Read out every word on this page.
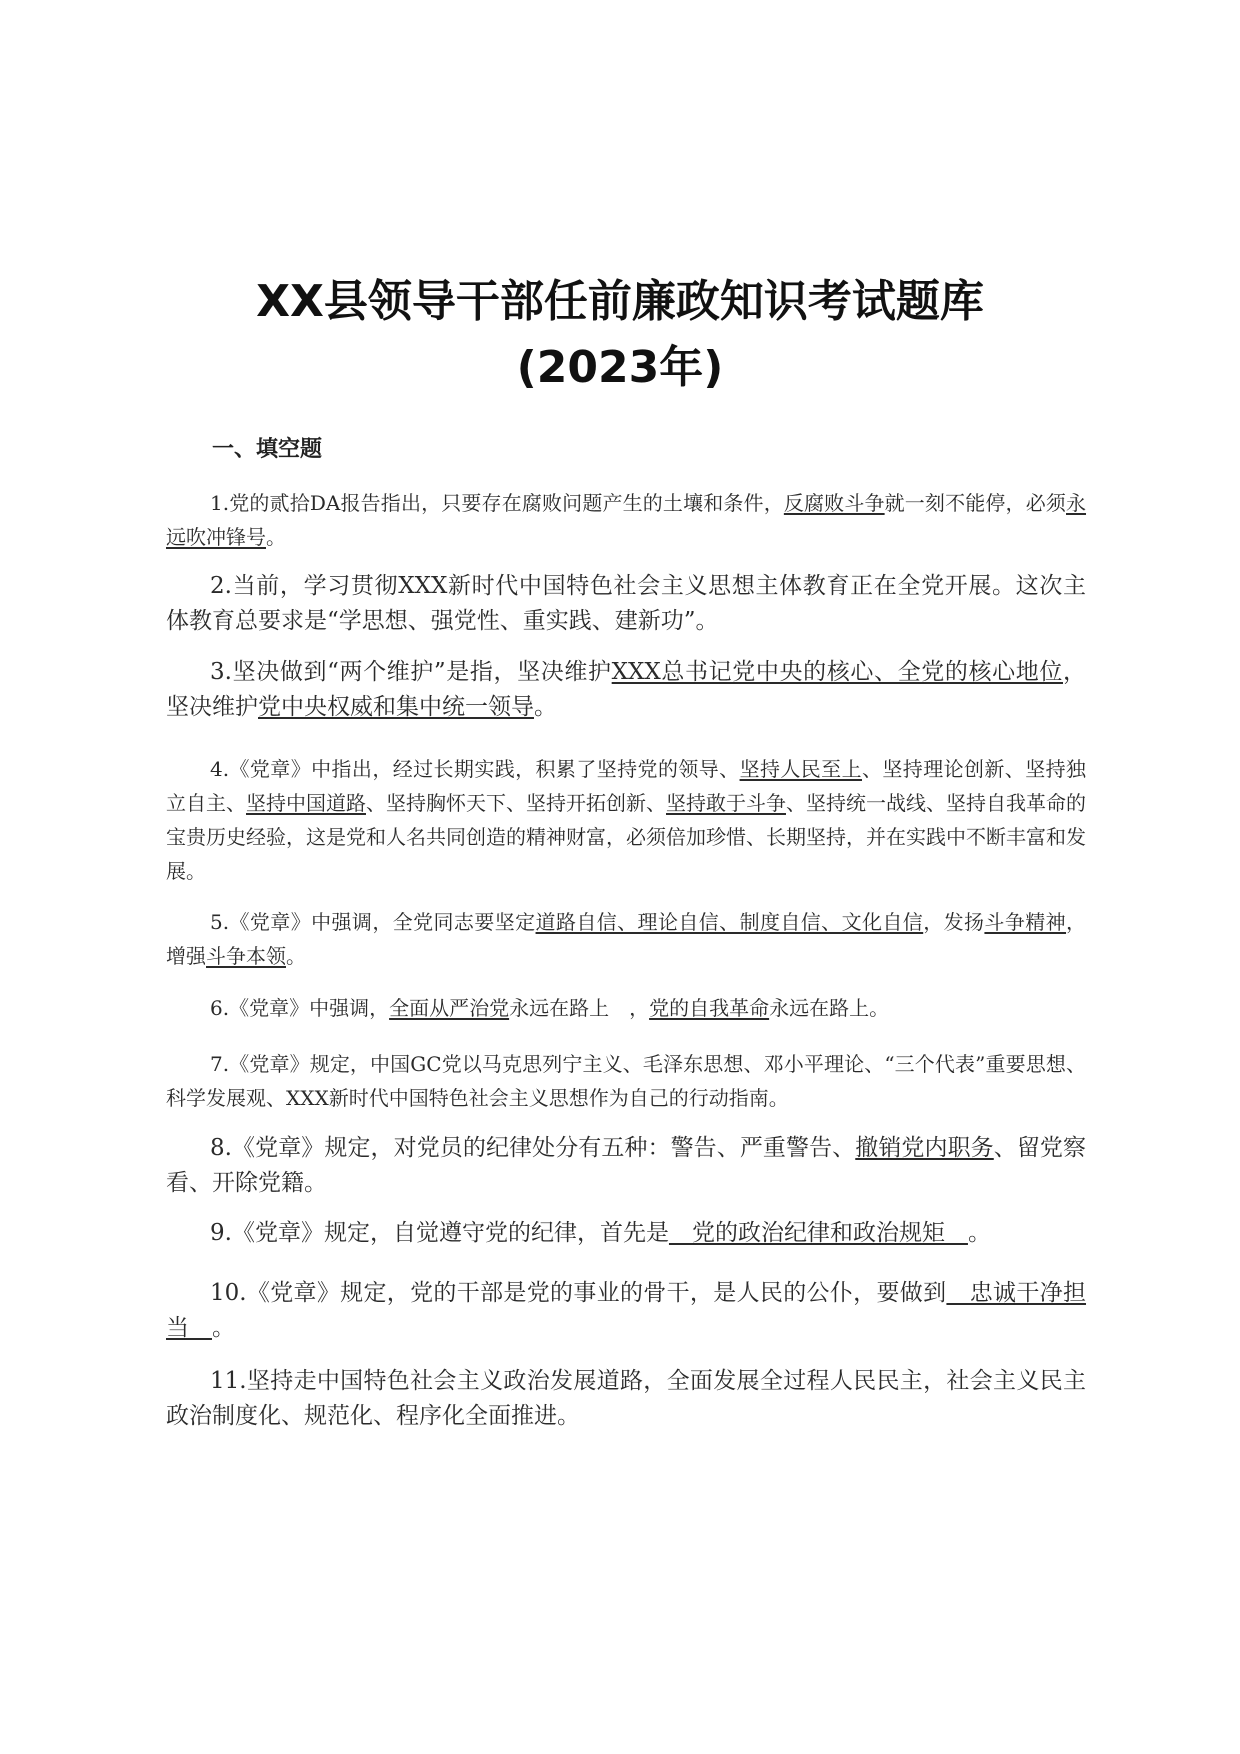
XX县领导干部任前廉政知识考试题库
(2023年)
一、填空题

1.党的贰拾DA报告指出，只要存在腐败问题产生的土壤和条件，反腐败斗争就一刻不能停，必须永远吹冲锋号。

2.当前，学习贯彻XXX新时代中国特色社会主义思想主体教育正在全党开展。这次主体教育总要求是“学思想、强党性、重实践、建新功”。

3.坚决做到“两个维护”是指，坚决维护XXX总书记党中央的核心、全党的核心地位，坚决维护党中央权威和集中统一领导。

4.《党章》中指出，经过长期实践，积累了坚持党的领导、坚持人民至上、坚持理论创新、坚持独立自主、坚持中国道路、坚持胸怀天下、坚持开拓创新、坚持敢于斗争、坚持统一战线、坚持自我革命的宝贵历史经验，这是党和人名共同创造的精神财富，必须倍加珍惜、长期坚持，并在实践中不断丰富和发展。

5.《党章》中强调，全党同志要坚定道路自信、理论自信、制度自信、文化自信，发扬斗争精神，增强斗争本领。

6.《党章》中强调，全面从严治党永远在路上　，党的自我革命永远在路上。

7.《党章》规定，中国GC党以马克思列宁主义、毛泽东思想、邓小平理论、“三个代表”重要思想、科学发展观、XXX新时代中国特色社会主义思想作为自己的行动指南。

8.《党章》规定，对党员的纪律处分有五种：警告、严重警告、撤销党内职务、留党察看、开除党籍。

9.《党章》规定，自觉遵守党的纪律，首先是　党的政治纪律和政治规矩　。

10.《党章》规定，党的干部是党的事业的骨干，是人民的公仆，要做到　忠诚干净担当　。

11.坚持走中国特色社会主义政治发展道路，全面发展全过程人民民主，社会主义民主政治制度化、规范化、程序化全面推进。
